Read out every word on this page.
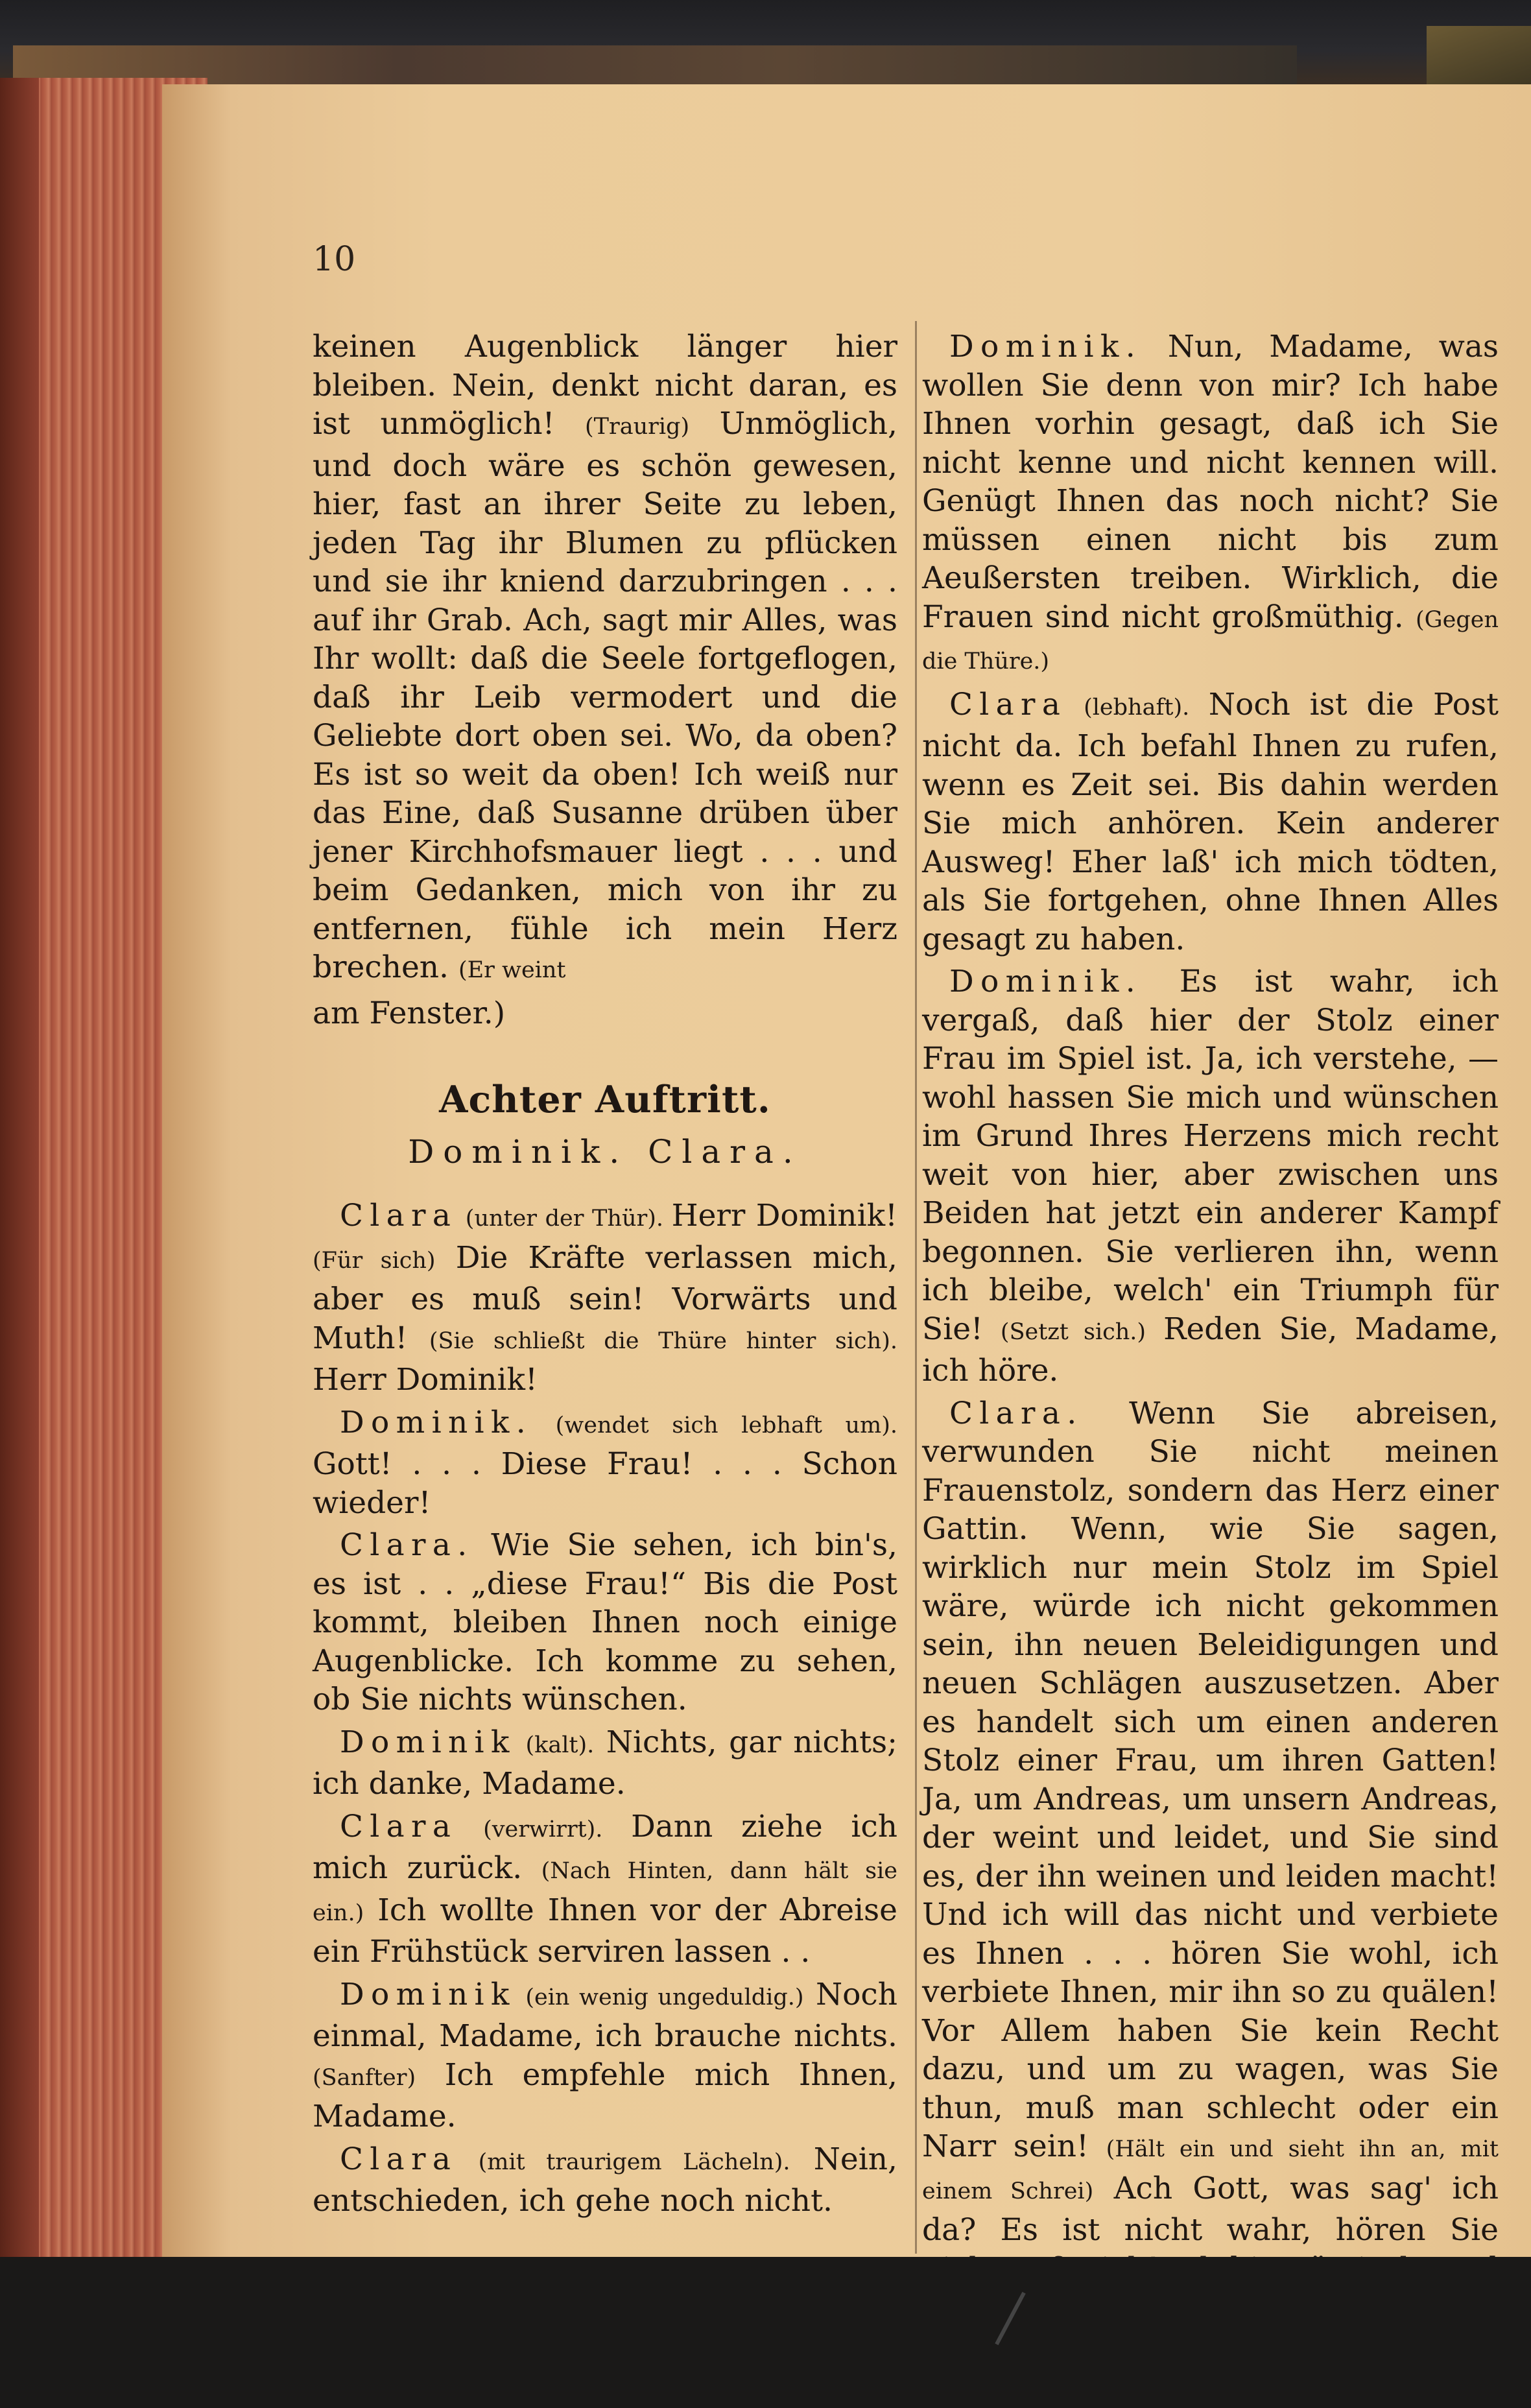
10

keinen Augenblick länger hier bleiben. Nein, denkt nicht daran, es ist unmöglich! (Traurig) Unmöglich, und doch wäre es schön gewesen, hier, fast an ihrer Seite zu leben, jeden Tag ihr Blumen zu pflücken und sie ihr kniend darzubringen . . . auf ihr Grab. Ach, sagt mir Alles, was Ihr wollt: daß die Seele fortgeflogen, daß ihr Leib vermodert und die Geliebte dort oben sei. Wo, da oben? Es ist so weit da oben! Ich weiß nur das Eine, daß Susanne drüben über jener Kirchhofsmauer liegt . . . und beim Gedanken, mich von ihr zu entfernen, fühle ich mein Herz brechen. (Er weint

am Fenster.)

Achter Auftritt.
Dominik. Clara.

Clara (unter der Thür). Herr Dominik! (Für sich) Die Kräfte verlassen mich, aber es muß sein! Vorwärts und Muth! (Sie schließt die Thüre hinter sich). Herr Dominik!

Dominik. (wendet sich lebhaft um). Gott! . . . Diese Frau! . . . Schon wieder!

Clara. Wie Sie sehen, ich bin's, es ist . . „diese Frau!“ Bis die Post kommt, bleiben Ihnen noch einige Augenblicke. Ich komme zu sehen, ob Sie nichts wünschen.

Dominik (kalt). Nichts, gar nichts; ich danke, Madame.

Clara (verwirrt). Dann ziehe ich mich zurück. (Nach Hinten, dann hält sie ein.) Ich wollte Ihnen vor der Abreise ein Frühstück serviren lassen . .

Dominik (ein wenig ungeduldig.) Noch einmal, Madame, ich brauche nichts. (Sanfter) Ich empfehle mich Ihnen, Madame.

Clara (mit traurigem Lächeln). Nein, entschieden, ich gehe noch nicht.

Dominik. Nun, Madame, was wollen Sie denn von mir? Ich habe Ihnen vorhin gesagt, daß ich Sie nicht kenne und nicht kennen will. Genügt Ihnen das noch nicht? Sie müssen einen nicht bis zum Aeußersten treiben. Wirklich, die Frauen sind nicht großmüthig. (Gegen die Thüre.)

Clara (lebhaft). Noch ist die Post nicht da. Ich befahl Ihnen zu rufen, wenn es Zeit sei. Bis dahin werden Sie mich anhören. Kein anderer Ausweg! Eher laß' ich mich tödten, als Sie fortgehen, ohne Ihnen Alles gesagt zu haben.

Dominik. Es ist wahr, ich vergaß, daß hier der Stolz einer Frau im Spiel ist. Ja, ich verstehe, — wohl hassen Sie mich und wünschen im Grund Ihres Herzens mich recht weit von hier, aber zwischen uns Beiden hat jetzt ein anderer Kampf begonnen. Sie verlieren ihn, wenn ich bleibe, welch' ein Triumph für Sie! (Setzt sich.) Reden Sie, Madame, ich höre.

Clara. Wenn Sie abreisen, verwunden Sie nicht meinen Frauenstolz, sondern das Herz einer Gattin. Wenn, wie Sie sagen, wirklich nur mein Stolz im Spiel wäre, würde ich nicht gekommen sein, ihn neuen Beleidigungen und neuen Schlägen auszusetzen. Aber es handelt sich um einen anderen Stolz einer Frau, um ihren Gatten! Ja, um Andreas, um unsern Andreas, der weint und leidet, und Sie sind es, der ihn weinen und leiden macht! Und ich will das nicht und verbiete es Ihnen . . . hören Sie wohl, ich verbiete Ihnen, mir ihn so zu quälen! Vor Allem haben Sie kein Recht dazu, und um zu wagen, was Sie thun, muß man schlecht oder ein Narr sein! (Hält ein und sieht ihn an, mit einem Schrei) Ach Gott, was sag' ich da? Es ist nicht wahr, hören Sie
